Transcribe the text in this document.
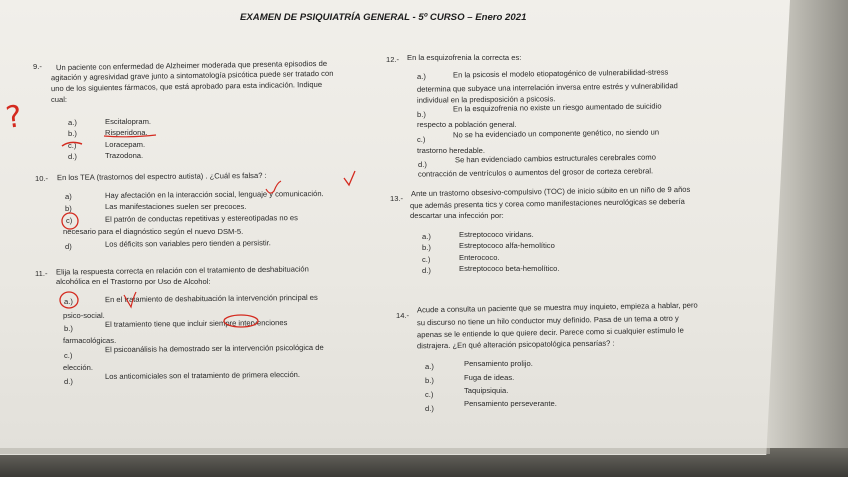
EXAMEN DE PSIQUIATRÍA GENERAL - 5º CURSO – Enero 2021
9.- Un paciente con enfermedad de Alzheimer moderada que presenta episodios de
agitación y agresividad grave junto a sintomatología psicótica puede ser tratado con
uno de los siguientes fármacos, que está aprobado para esta indicación. Indique
cual:
a.)	Escitalopram.
b.)	Risperidona.
c.)	Loracepam.
d.)	Trazodona.
10.- En los TEA (trastornos del espectro autista) . ¿Cuál es falsa? :
a)	Hay afectación en la interacción social, lenguaje y comunicación.
b)	Las manifestaciones suelen ser precoces.
c)	El patrón de conductas repetitivas y estereotipadas no es
necesario para el diagnóstico según el nuevo DSM-5.
d)	Los déficits son variables pero tienden a persistir.
11.- Elija la respuesta correcta en relación con el tratamiento de deshabituación
alcohólica en el Trastorno por Uso de Alcohol:
a.)	En el tratamiento de deshabituación la intervención principal es
psico-social.
b.)	El tratamiento tiene que incluir siempre intervenciones
farmacológicas.
c.)
El psicoanálisis ha demostrado ser la intervención psicológica de
elección.
d.)
Los anticomiciales son el tratamiento de primera elección.
12.- En la esquizofrenia la correcta es:
a.)	En la psicosis el modelo etiopatogénico de vulnerabilidad-stress
determina que subyace una interrelación inversa entre estrés y vulnerabilidad
individual en la predisposición a psicosis.
b.)
En la esquizofrenia no existe un riesgo aumentado de suicidio
respecto a población general.
c.)
No se ha evidenciado un componente genético, no siendo un
trastorno heredable.
d.)
Se han evidenciado cambios estructurales cerebrales como
contracción de ventrículos o aumentos del grosor de corteza cerebral.
13.-
Ante un trastorno obsesivo-compulsivo (TOC) de inicio súbito en un niño de 9 años
que además presenta tics y corea como manifestaciones neurológicas se debería
descartar una infección por:
a.)	Estreptococo viridans.
b.)	Estreptococo alfa-hemolítico
c.)	Enterococo.
d.)	Estreptococo beta-hemolítico.
14.-
Acude a consulta un paciente que se muestra muy inquieto, empieza a hablar, pero
su discurso no tiene un hilo conductor muy definido. Pasa de un tema a otro y
apenas se le entiende lo que quiere decir. Parece como si cualquier estímulo le
distrajera. ¿En qué alteración psicopatológica pensarías? :
a.)	Pensamiento prolijo.
b.)	Fuga de ideas.
c.)	Taquipsiquia.
d.)
Pensamiento perseverante.
?
